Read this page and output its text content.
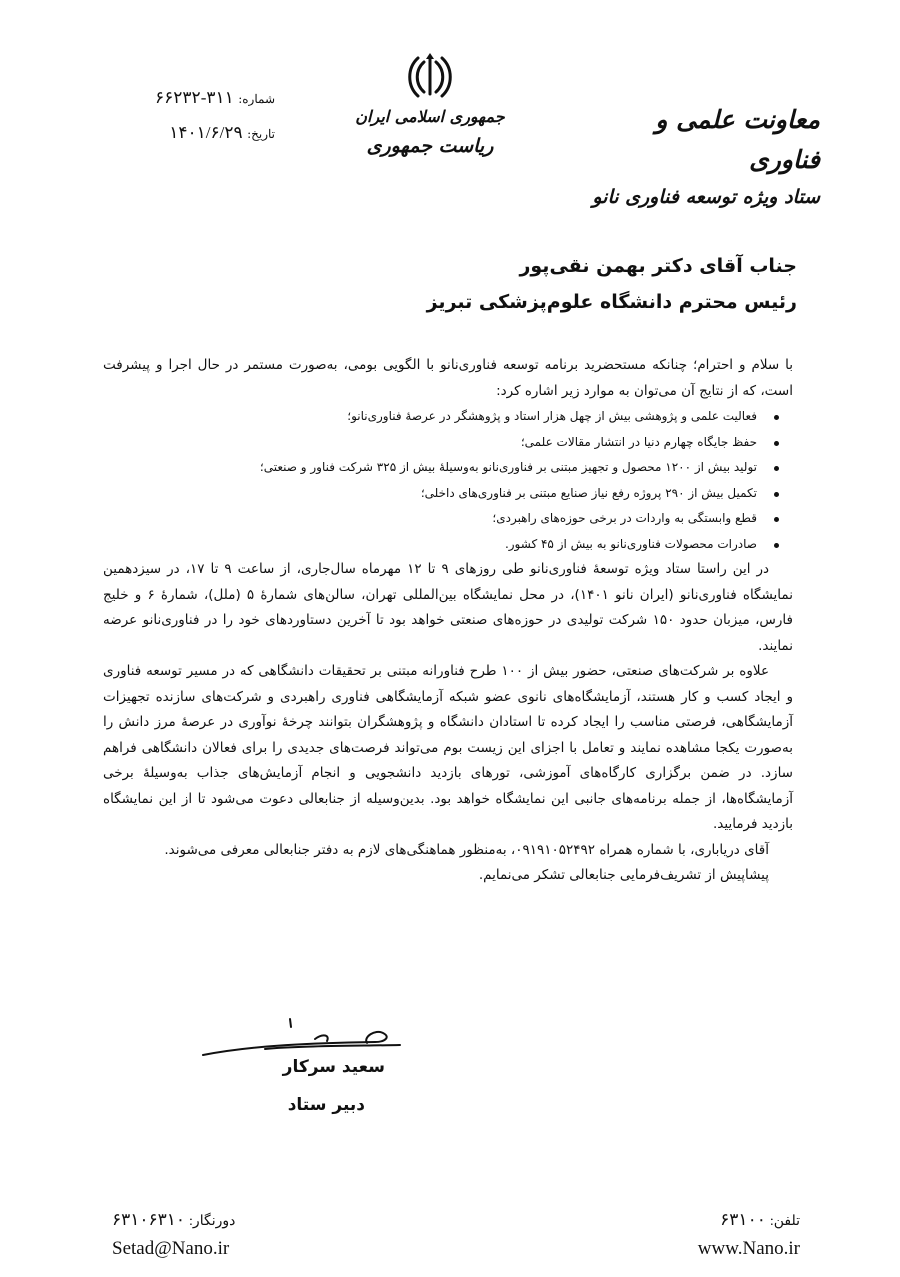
شماره: ۳۱۱-۶۶۲۳۲
تاریخ: ۱۴۰۱/۶/۲۹
جمهوری اسلامی ایران
ریاست جمهوری
معاونت علمی و فناوری
ستاد ویژه توسعه فناوری نانو
جناب آقای دکتر بهمن نقی‌پور
رئیس محترم دانشگاه علوم‌پزشکی تبریز

با سلام و احترام؛ چنانکه مستحضرید برنامه توسعه فناوری‌نانو با الگویی بومی، به‌صورت مستمر در حال اجرا و پیشرفت است، که از نتایج آن می‌توان به موارد زیر اشاره کرد:

فعالیت علمی و پژوهشی بیش از چهل هزار استاد و پژوهشگر در عرصهٔ فناوری‌نانو؛
حفظ جایگاه چهارم دنیا در انتشار مقالات علمی؛
تولید بیش از ۱۲۰۰ محصول و تجهیز مبتنی بر فناوری‌نانو به‌وسیلهٔ بیش از ۳۲۵ شرکت فناور و صنعتی؛
تکمیل بیش از ۲۹۰ پروژه رفع نیاز صنایع مبتنی بر فناوری‌های داخلی؛
قطع وابستگی به واردات در برخی حوزه‌های راهبردی؛
صادرات محصولات فناوری‌نانو به بیش از ۴۵ کشور.

در این راستا ستاد ویژه توسعهٔ فناوری‌نانو طی روزهای ۹ تا ۱۲ مهرماه سال‌جاری، از ساعت ۹ تا ۱۷، در سیزدهمین نمایشگاه فناوری‌نانو (ایران نانو ۱۴۰۱)، در محل نمایشگاه بین‌المللی تهران، سالن‌های شمارهٔ ۵ (ملل)، شمارهٔ ۶ و خلیج فارس، میزبان حدود ۱۵۰ شرکت تولیدی در حوزه‌های صنعتی خواهد بود تا آخرین دستاوردهای خود را در فناوری‌نانو عرضه نمایند.

علاوه بر شرکت‌های صنعتی، حضور بیش از ۱۰۰ طرح فناورانه مبتنی بر تحقیقات دانشگاهی که در مسیر توسعه فناوری و ایجاد کسب و کار هستند، آزمایشگاه‌های نانوی عضو شبکه آزمایشگاهی فناوری راهبردی و شرکت‌های سازنده تجهیزات آزمایشگاهی، فرصتی مناسب را ایجاد کرده تا استادان دانشگاه و پژوهشگران بتوانند چرخهٔ نوآوری در عرصهٔ مرز دانش را به‌صورت یکجا مشاهده نمایند و تعامل با اجزای این زیست بوم می‌تواند فرصت‌های جدیدی را برای فعالان دانشگاهی فراهم سازد. در ضمن برگزاری کارگاه‌های آموزشی، تورهای بازدید دانشجویی و انجام آزمایش‌های جذاب به‌وسیلهٔ برخی آزمایشگاه‌ها، از جمله برنامه‌های جانبی این نمایشگاه خواهد بود. بدین‌وسیله از جنابعالی دعوت می‌شود تا از این نمایشگاه بازدید فرمایید.

آقای دریاباری، با شماره همراه ۰۹۱۹۱۰۵۲۴۹۲، به‌منظور هماهنگی‌های لازم به دفتر جنابعالی معرفی می‌شوند.

پیشاپیش از تشریف‌فرمایی جنابعالی تشکر می‌نمایم.

سعید سرکار
دبیر ستاد
دورنگار: ۶۳۱۰۶۳۱۰	تلفن: ۶۳۱۰۰
Setad@Nano.ir	www.Nano.ir
